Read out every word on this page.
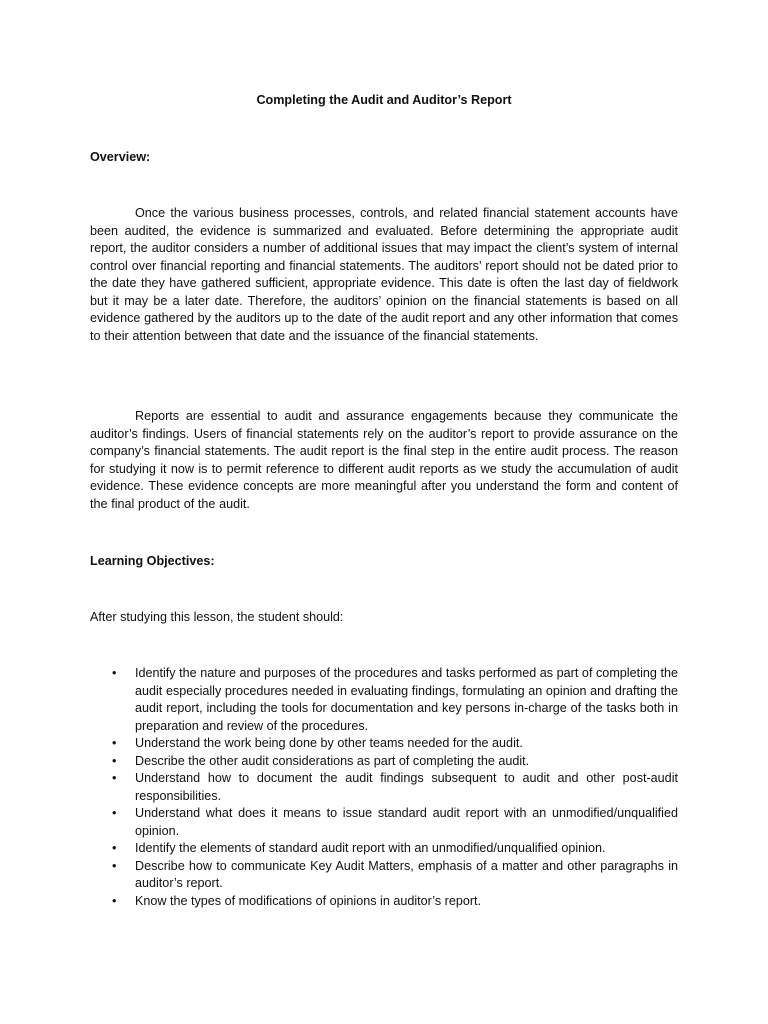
Completing the Audit and Auditor’s Report
Overview:

Once the various business processes, controls, and related financial statement accounts have been audited, the evidence is summarized and evaluated. Before determining the appropriate audit report, the auditor considers a number of additional issues that may impact the client’s system of internal control over financial reporting and financial statements. The auditors’ report should not be dated prior to the date they have gathered sufficient, appropriate evidence. This date is often the last day of fieldwork but it may be a later date. Therefore, the auditors’ opinion on the financial statements is based on all evidence gathered by the auditors up to the date of the audit report and any other information that comes to their attention between that date and the issuance of the financial statements.

Reports are essential to audit and assurance engagements because they communicate the auditor’s findings. Users of financial statements rely on the auditor’s report to provide assurance on the company’s financial statements. The audit report is the final step in the entire audit process. The reason for studying it now is to permit reference to different audit reports as we study the accumulation of audit evidence. These evidence concepts are more meaningful after you understand the form and content of the final product of the audit.

Learning Objectives:

After studying this lesson, the student should:

• Identify the nature and purposes of the procedures and tasks performed as part of completing the audit especially procedures needed in evaluating findings, formulating an opinion and drafting the audit report, including the tools for documentation and key persons in-charge of the tasks both in preparation and review of the procedures.
• Understand the work being done by other teams needed for the audit.
• Describe the other audit considerations as part of completing the audit.
• Understand how to document the audit findings subsequent to audit and other post-audit responsibilities.
• Understand what does it means to issue standard audit report with an unmodified/unqualified opinion.
• Identify the elements of standard audit report with an unmodified/unqualified opinion.
• Describe how to communicate Key Audit Matters, emphasis of a matter and other paragraphs in auditor’s report.
• Know the types of modifications of opinions in auditor’s report.
